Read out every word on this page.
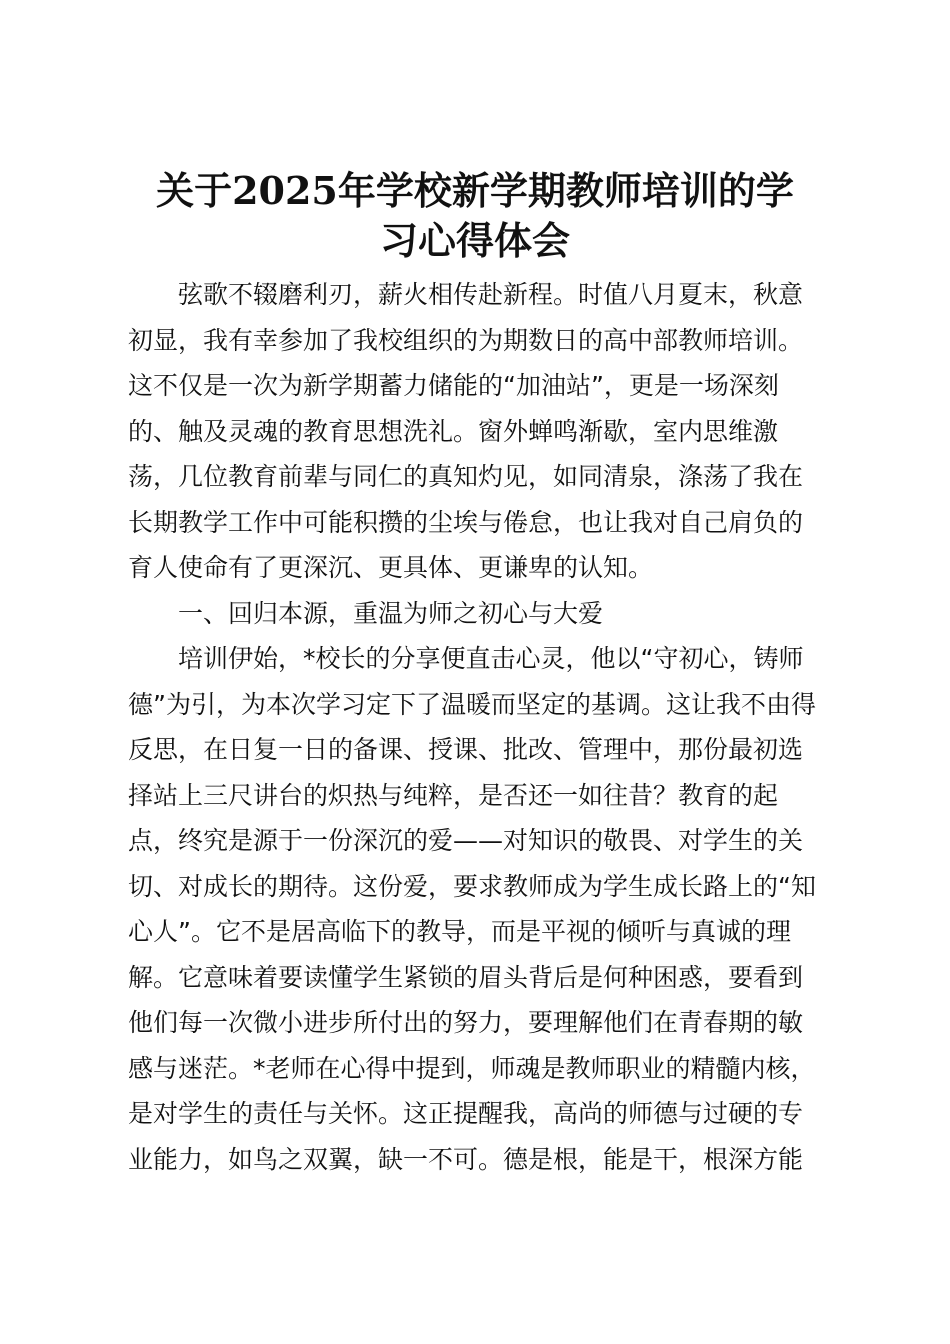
关于2025年学校新学期教师培训的学
习心得体会
弦歌不辍磨利刃，薪火相传赴新程。时值八月夏末，秋意
初显，我有幸参加了我校组织的为期数日的高中部教师培训。
这不仅是一次为新学期蓄力储能的“加油站”，更是一场深刻
的、触及灵魂的教育思想洗礼。窗外蝉鸣渐歇，室内思维激
荡，几位教育前辈与同仁的真知灼见，如同清泉，涤荡了我在
长期教学工作中可能积攒的尘埃与倦怠，也让我对自己肩负的
育人使命有了更深沉、更具体、更谦卑的认知。
一、回归本源，重温为师之初心与大爱
培训伊始，*校长的分享便直击心灵，他以“守初心，铸师
德”为引，为本次学习定下了温暖而坚定的基调。这让我不由得
反思，在日复一日的备课、授课、批改、管理中，那份最初选
择站上三尺讲台的炽热与纯粹，是否还一如往昔？教育的起
点，终究是源于一份深沉的爱——对知识的敬畏、对学生的关
切、对成长的期待。这份爱，要求教师成为学生成长路上的“知
心人”。它不是居高临下的教导，而是平视的倾听与真诚的理
解。它意味着要读懂学生紧锁的眉头背后是何种困惑，要看到
他们每一次微小进步所付出的努力，要理解他们在青春期的敏
感与迷茫。*老师在心得中提到，师魂是教师职业的精髓内核，
是对学生的责任与关怀。这正提醒我，高尚的师德与过硬的专
业能力，如鸟之双翼，缺一不可。德是根，能是干，根深方能
